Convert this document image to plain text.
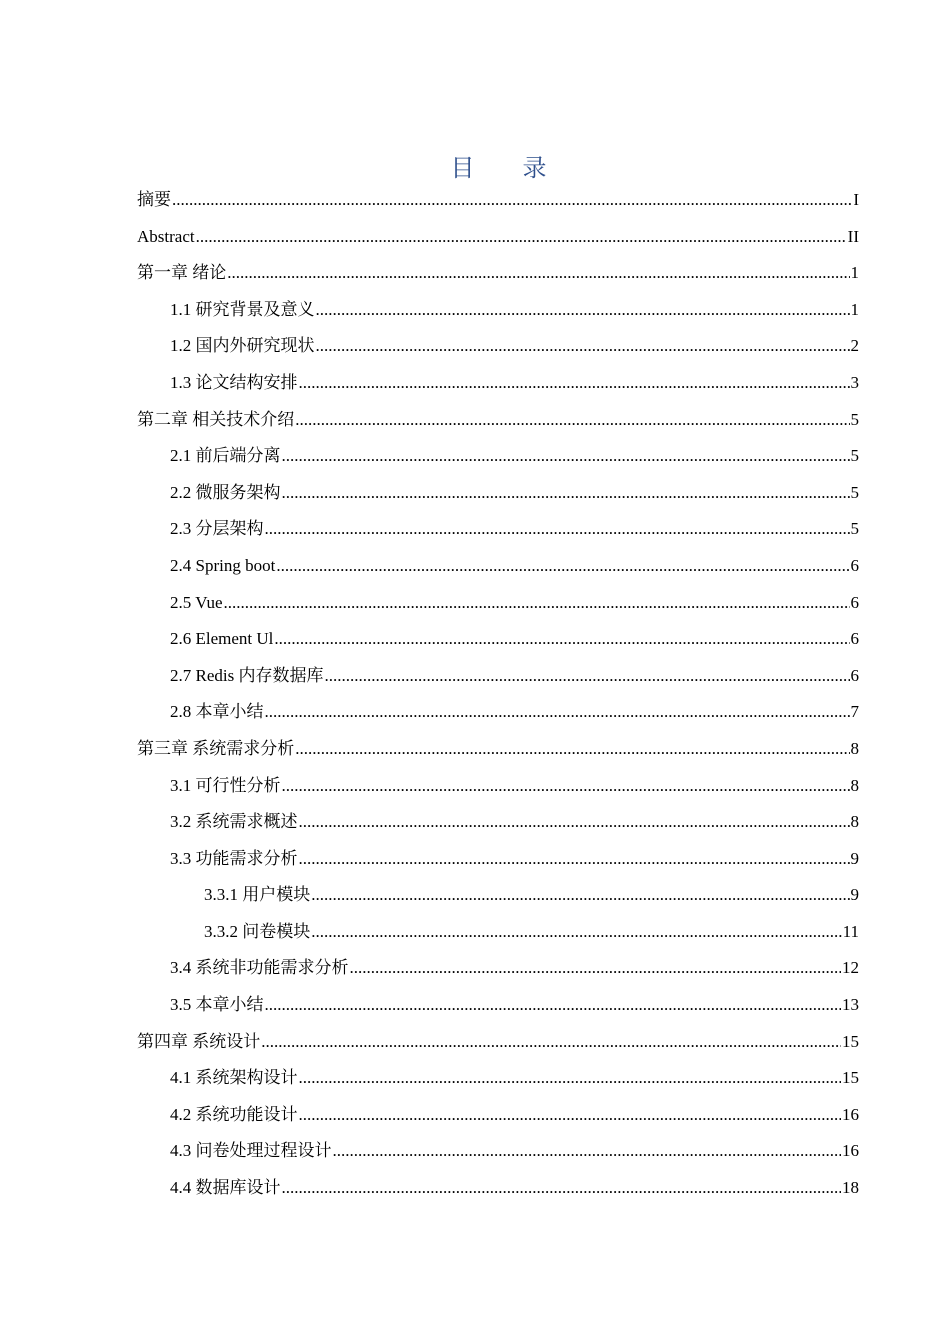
目　　录
摘要 .....	I
Abstract .....	II
第一章 绪论 .....	1
1.1 研究背景及意义 .....	1
1.2 国内外研究现状 .....	2
1.3 论文结构安排 .....	3
第二章 相关技术介绍 .....	5
2.1 前后端分离 .....	5
2.2 微服务架构 .....	5
2.3 分层架构 .....	5
2.4 Spring boot .....	6
2.5 Vue .....	6
2.6 Element Ul .....	6
2.7 Redis 内存数据库 .....	6
2.8 本章小结 .....	7
第三章 系统需求分析 .....	8
3.1 可行性分析 .....	8
3.2 系统需求概述 .....	8
3.3 功能需求分析 .....	9
3.3.1 用户模块 .....	9
3.3.2 问卷模块 .....	11
3.4 系统非功能需求分析 .....	12
3.5 本章小结 .....	13
第四章 系统设计 .....	15
4.1 系统架构设计 .....	15
4.2 系统功能设计 .....	16
4.3 问卷处理过程设计 .....	16
4.4 数据库设计 .....	18
